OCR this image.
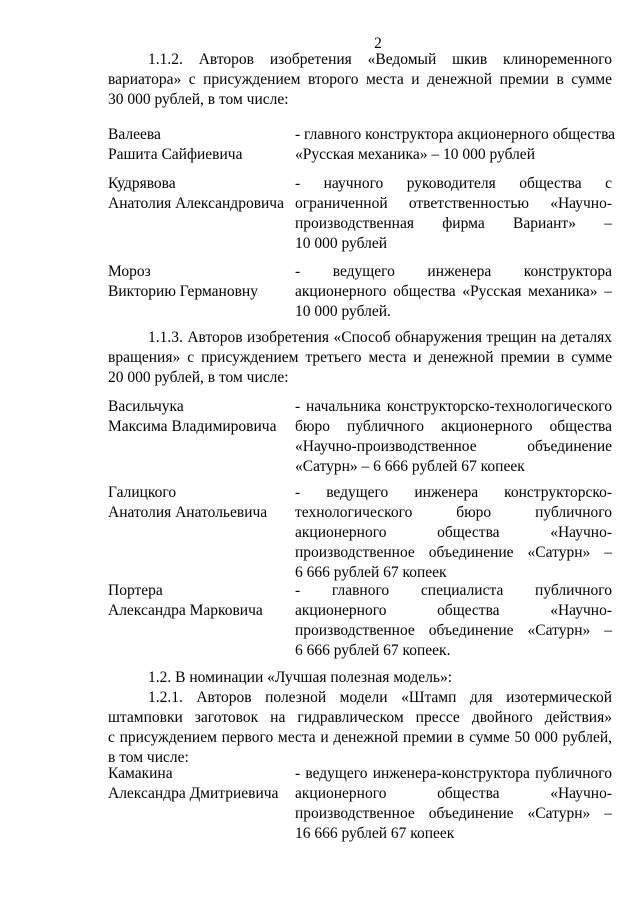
2
1.1.2. Авторов изобретения «Ведомый шкив клиноременного
вариатора» с присуждением второго места и денежной премии в сумме
30 000 рублей, в том числе:
Валеева
Рашита Сайфиевича
- главного конструктора акционерного общества
«Русская механика» – 10 000 рублей
Кудрявова
Анатолия Александровича
- научного руководителя общества с
ограниченной ответственностью «Научно-
производственная фирма Вариант» –
10 000 рублей
Мороз
Викторию Германовну
- ведущего инженера конструктора
акционерного общества «Русская механика» –
10 000 рублей.
1.1.3. Авторов изобретения «Способ обнаружения трещин на деталях
вращения» с присуждением третьего места и денежной премии в сумме
20 000 рублей, в том числе:
Васильчука
Максима Владимировича
- начальника конструкторско-технологического
бюро публичного акционерного общества
«Научно-производственное объединение
«Сатурн» – 6 666 рублей 67 копеек
Галицкого
Анатолия Анатольевича
- ведущего инженера конструкторско-
технологического бюро публичного
акционерного общества «Научно-
производственное объединение «Сатурн» –
6 666 рублей 67 копеек
Портера
Александра Марковича
- главного специалиста публичного
акционерного общества «Научно-
производственное объединение «Сатурн» –
6 666 рублей 67 копеек.
1.2. В номинации «Лучшая полезная модель»:
1.2.1. Авторов полезной модели «Штамп для изотермической
штамповки заготовок на гидравлическом прессе двойного действия»
с присуждением первого места и денежной премии в сумме 50 000 рублей,
в том числе:
Камакина
Александра Дмитриевича
- ведущего инженера-конструктора публичного
акционерного общества «Научно-
производственное объединение «Сатурн» –
16 666 рублей 67 копеек
